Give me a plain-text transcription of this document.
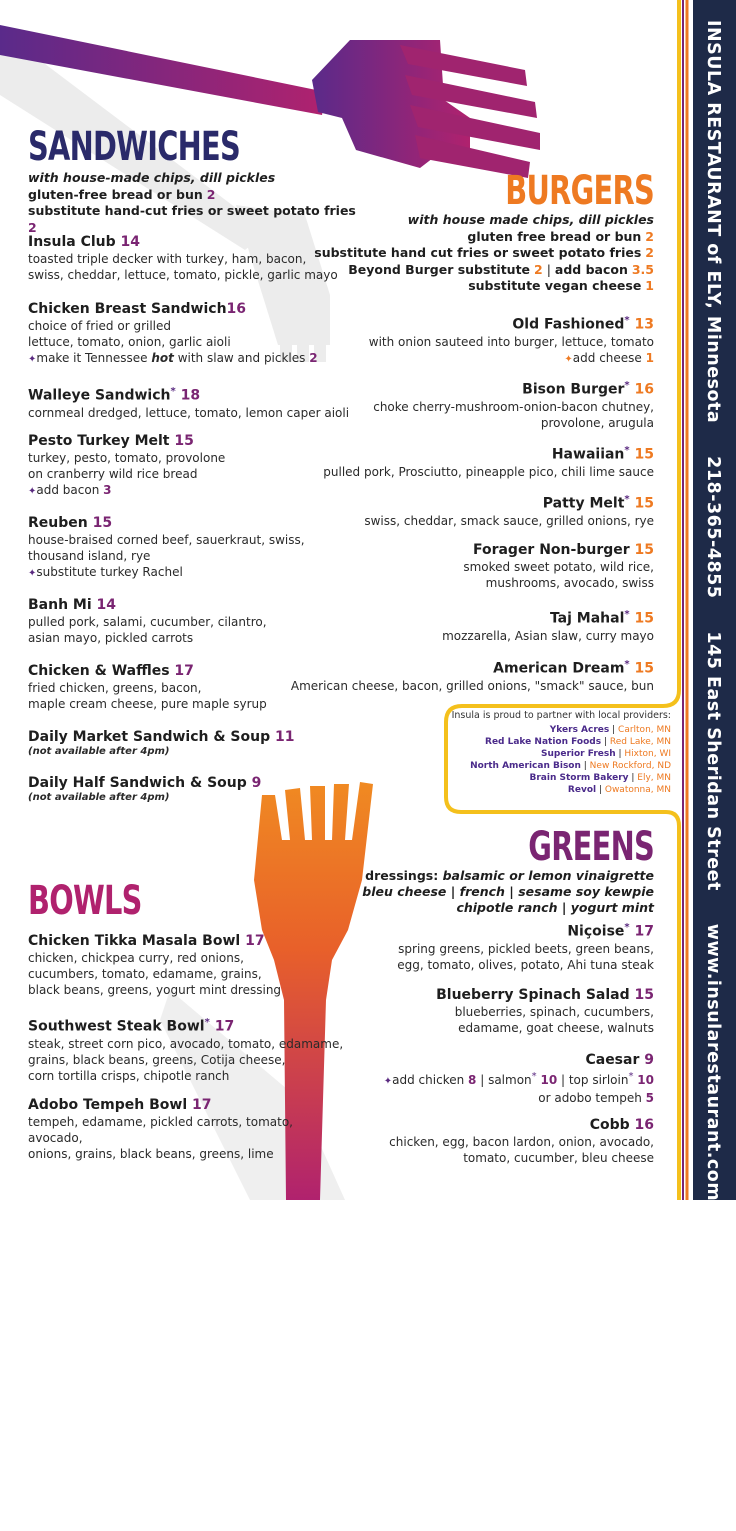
INSULA RESTAURANT of ELY, Minnesota     218-365-4855     145 East Sheridan Street     www.insularestaurant.com     sarah@insularestaurant.com
SANDWICHES
with house-made chips, dill pickles
gluten-free bread or bun 2
substitute hand-cut fries or sweet potato fries 2
Insula Club 14
toasted triple decker with turkey, ham, bacon,
swiss, cheddar, lettuce, tomato, pickle, garlic mayo
Chicken Breast Sandwich16
choice of fried or grilled
lettuce, tomato, onion, garlic aioli
✦make it Tennessee hot with slaw and pickles 2
Walleye Sandwich* 18
cornmeal dredged, lettuce, tomato, lemon caper aioli
Pesto Turkey Melt 15
turkey, pesto, tomato, provolone
on cranberry wild rice bread
✦add bacon 3
Reuben 15
house-braised corned beef, sauerkraut, swiss,
thousand island, rye
✦substitute turkey Rachel
Banh Mi 14
pulled pork, salami, cucumber, cilantro,
asian mayo, pickled carrots
Chicken & Waffles 17
fried chicken, greens, bacon,
maple cream cheese, pure maple syrup
Daily Market Sandwich & Soup 11
(not available after 4pm)
Daily Half Sandwich & Soup 9
(not available after 4pm)
BURGERS
with house made chips, dill pickles
gluten free bread or bun 2
substitute hand cut fries or sweet potato fries 2
Beyond Burger substitute 2 | add bacon 3.5
substitute vegan cheese 1
Old Fashioned* 13
with onion sauteed into burger, lettuce, tomato
✦add cheese 1
Bison Burger* 16
choke cherry-mushroom-onion-bacon chutney,
provolone, arugula
Hawaiian* 15
pulled pork, Prosciutto, pineapple pico, chili lime sauce
Patty Melt* 15
swiss, cheddar, smack sauce, grilled onions, rye
Forager Non-burger 15
smoked sweet potato, wild rice,
mushrooms, avocado, swiss
Taj Mahal* 15
mozzarella, Asian slaw, curry mayo
American Dream* 15
American cheese, bacon, grilled onions, "smack" sauce, bun
Insula is proud to partner with local providers:
Ykers Acres | Carlton, MN
Red Lake Nation Foods | Red Lake, MN
Superior Fresh | Hixton, WI
North American Bison | New Rockford, ND
Brain Storm Bakery | Ely, MN
Revol | Owatonna, MN
GREENS
dressings: balsamic or lemon vinaigrette
bleu cheese | french | sesame soy kewpie
chipotle ranch | yogurt mint
Niçoise* 17
spring greens, pickled beets, green beans,
egg, tomato, olives, potato, Ahi tuna steak
Blueberry Spinach Salad 15
blueberries, spinach, cucumbers,
edamame, goat cheese, walnuts
Caesar 9
✦add chicken 8 | salmon* 10 | top sirloin* 10
or adobo tempeh 5
Cobb 16
chicken, egg, bacon lardon, onion, avocado,
tomato, cucumber, bleu cheese
BOWLS
Chicken Tikka Masala Bowl 17
chicken, chickpea curry, red onions,
cucumbers, tomato, edamame, grains,
black beans, greens, yogurt mint dressing
Southwest Steak Bowl* 17
steak, street corn pico, avocado, tomato, edamame,
grains, black beans, greens, Cotija cheese,
corn tortilla crisps, chipotle ranch
Adobo Tempeh Bowl 17
tempeh, edamame, pickled carrots, tomato, avocado,
onions, grains, black beans, greens, lime
